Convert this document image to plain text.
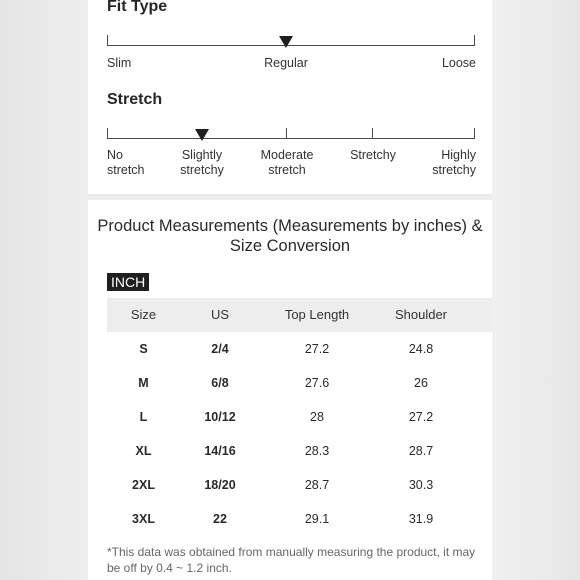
Fit Type
Slim	Regular	Loose
Stretch
No
stretch
Slightly
stretchy
Moderate
stretch
Stretchy	Highly
stretchy
Product Measurements (Measurements by inches) & Size Conversion
INCH
Size	US	Top Length	Shoulder
S	2/4	27.2	24.8
M	6/8	27.6	26
L	10/12	28	27.2
XL	14/16	28.3	28.7
2XL	18/20	28.7	30.3
3XL	22	29.1	31.9
*This data was obtained from manually measuring the product, it may be off by 0.4 ~ 1.2 inch.
